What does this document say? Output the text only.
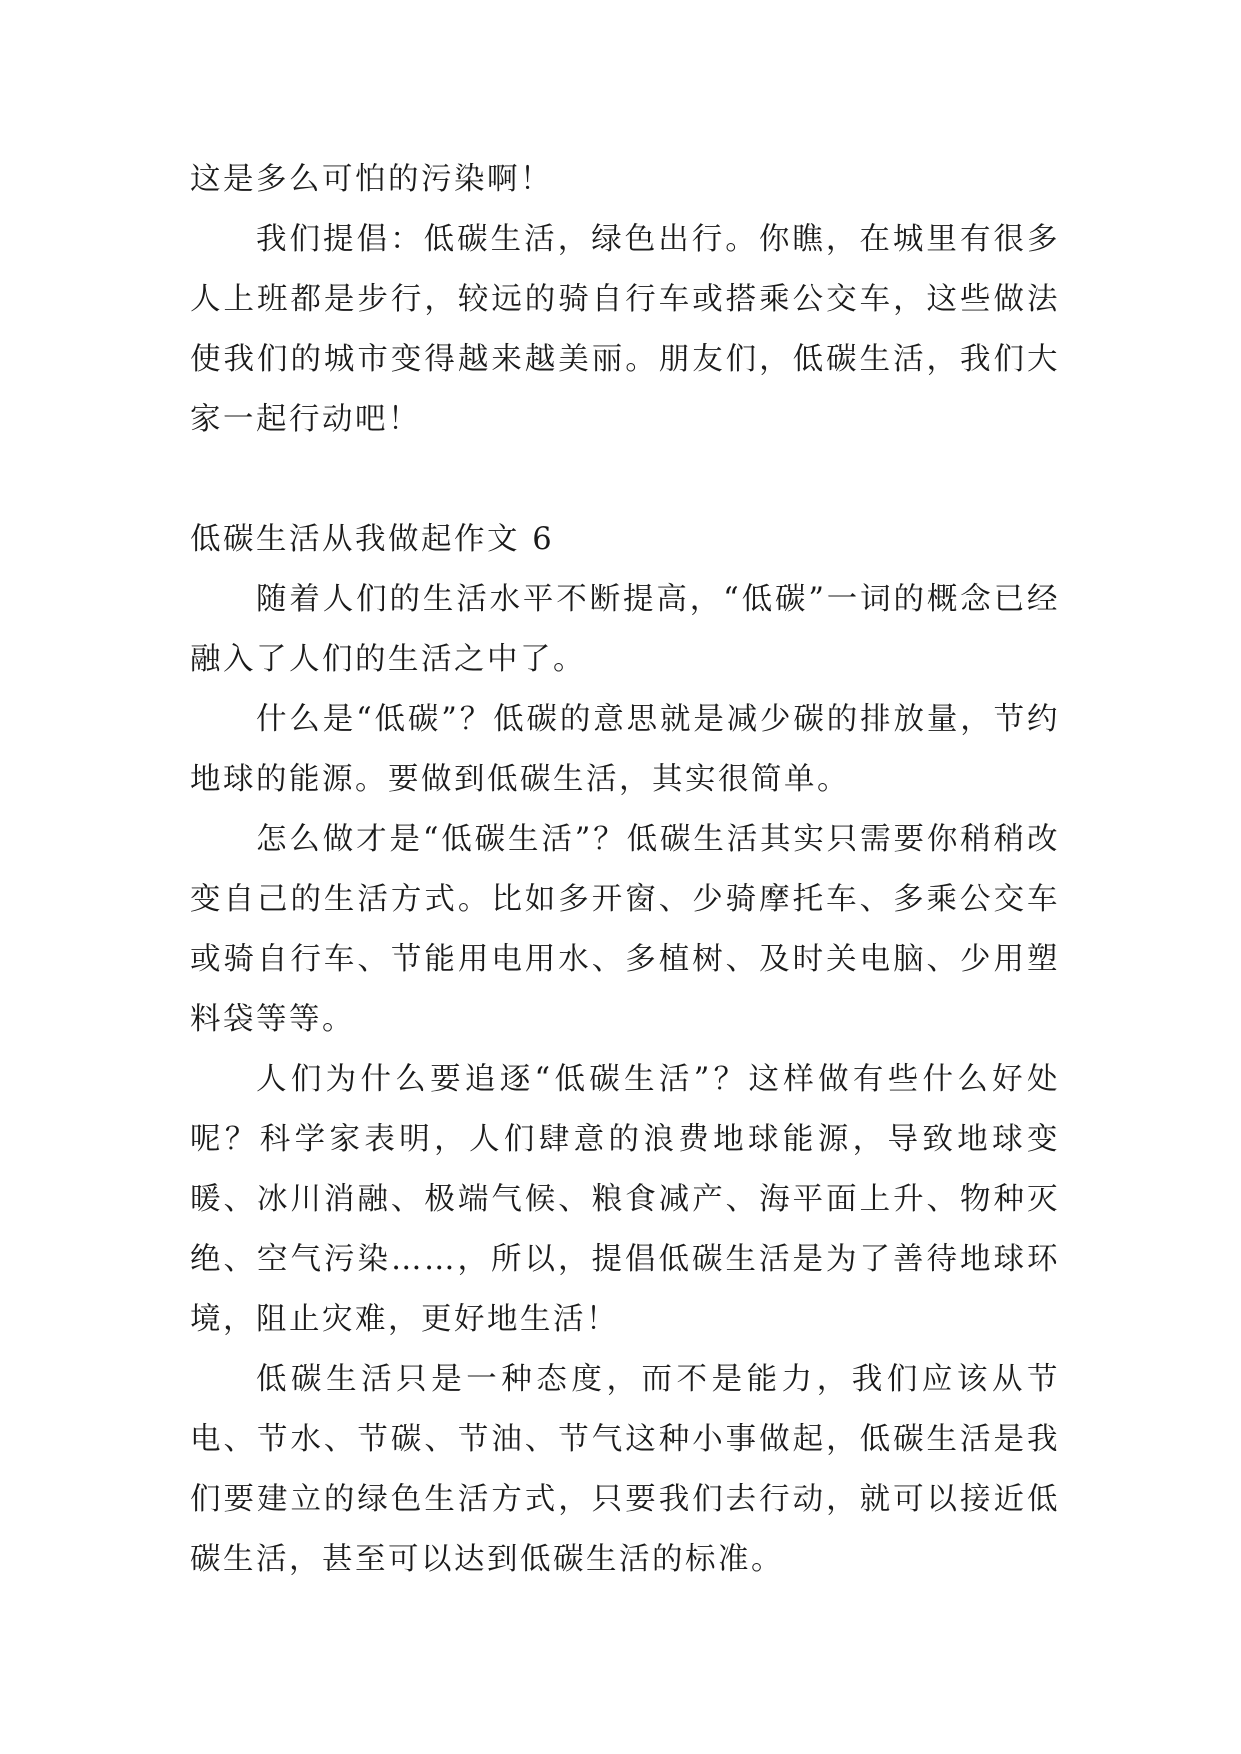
这是多么可怕的污染啊！

我们提倡：低碳生活，绿色出行。你瞧，在城里有很多人上班都是步行，较远的骑自行车或搭乘公交车，这些做法使我们的城市变得越来越美丽。朋友们，低碳生活，我们大家一起行动吧！

低碳生活从我做起作文 6

随着人们的生活水平不断提高，“低碳”一词的概念已经融入了人们的生活之中了。

什么是“低碳”？低碳的意思就是减少碳的排放量，节约地球的能源。要做到低碳生活，其实很简单。

怎么做才是“低碳生活”？低碳生活其实只需要你稍稍改变自己的生活方式。比如多开窗、少骑摩托车、多乘公交车或骑自行车、节能用电用水、多植树、及时关电脑、少用塑料袋等等。

人们为什么要追逐“低碳生活”？这样做有些什么好处呢？科学家表明，人们肆意的浪费地球能源，导致地球变暖、冰川消融、极端气候、粮食减产、海平面上升、物种灭绝、空气污染……，所以，提倡低碳生活是为了善待地球环境，阻止灾难，更好地生活！

低碳生活只是一种态度，而不是能力，我们应该从节电、节水、节碳、节油、节气这种小事做起，低碳生活是我们要建立的绿色生活方式，只要我们去行动，就可以接近低碳生活，甚至可以达到低碳生活的标准。
